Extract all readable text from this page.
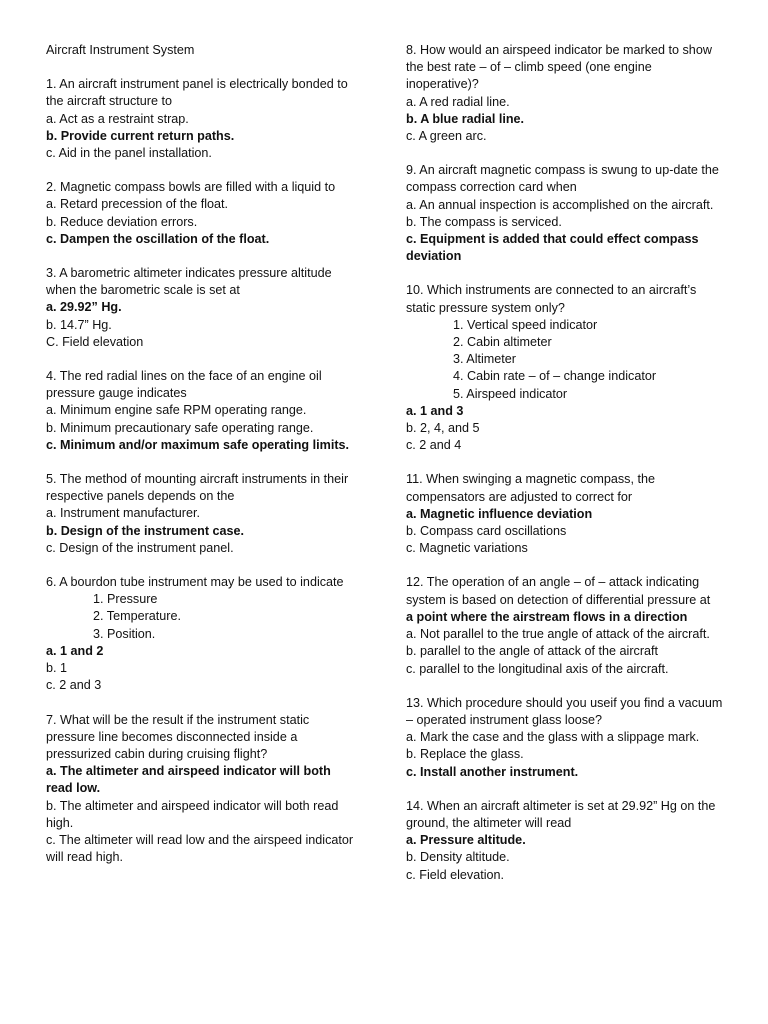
Aircraft Instrument System
1. An aircraft instrument panel is electrically bonded to the aircraft structure to
a. Act as a restraint strap.
b. Provide current return paths.
c. Aid in the panel installation.
2. Magnetic compass bowls are filled with a liquid to
a. Retard precession of the float.
b. Reduce deviation errors.
c. Dampen the oscillation of the float.
3. A barometric altimeter indicates pressure altitude when the barometric scale is set at
a. 29.92” Hg.
b. 14.7” Hg.
C. Field elevation
4. The red radial lines on the face of an engine oil pressure gauge indicates
a. Minimum engine safe RPM operating range.
b. Minimum precautionary safe operating range.
c. Minimum and/or maximum safe operating limits.
5. The method of mounting aircraft instruments in their respective panels depends on the
a. Instrument manufacturer.
b. Design of the instrument case.
c. Design of the instrument panel.
6. A bourdon tube instrument may be used to indicate
1. Pressure
2. Temperature.
3. Position.
a. 1 and 2
b. 1
c. 2 and 3
7. What will be the result if the instrument static pressure line becomes disconnected inside a pressurized cabin during cruising flight?
a. The altimeter and airspeed indicator will both read low.
b. The altimeter and airspeed indicator will both read high.
c. The altimeter will read low and the airspeed indicator will read high.
8. How would an airspeed indicator be marked to show the best rate – of – climb speed (one engine inoperative)?
a. A red radial line.
b. A blue radial line.
c. A green arc.
9. An aircraft magnetic compass is swung to up-date the compass correction card when
a. An annual inspection is accomplished on the aircraft.
b. The compass is serviced.
c. Equipment is added that could effect compass deviation
10. Which instruments are connected to an aircraft’s static pressure system only?
1. Vertical speed indicator
2. Cabin altimeter
3. Altimeter
4. Cabin rate – of – change indicator
5. Airspeed indicator
a. 1 and 3
b. 2, 4, and 5
c. 2 and 4
11. When swinging a magnetic compass, the compensators are adjusted to correct for
a. Magnetic influence deviation
b. Compass card oscillations
c. Magnetic variations
12. The operation of an angle – of – attack indicating
system is based on detection of differential pressure at
a point where the airstream flows in a direction
a. Not parallel to the true angle of attack of the aircraft.
b. parallel to the angle of attack of the aircraft
c. parallel to the longitudinal axis of the aircraft.
13. Which procedure should you useif you find a vacuum – operated instrument glass loose?
a. Mark the case and the glass with a slippage mark.
b. Replace the glass.
c. Install another instrument.
14. When an aircraft altimeter is set at 29.92” Hg on the ground, the altimeter will read
a. Pressure altitude.
b. Density altitude.
c. Field elevation.
